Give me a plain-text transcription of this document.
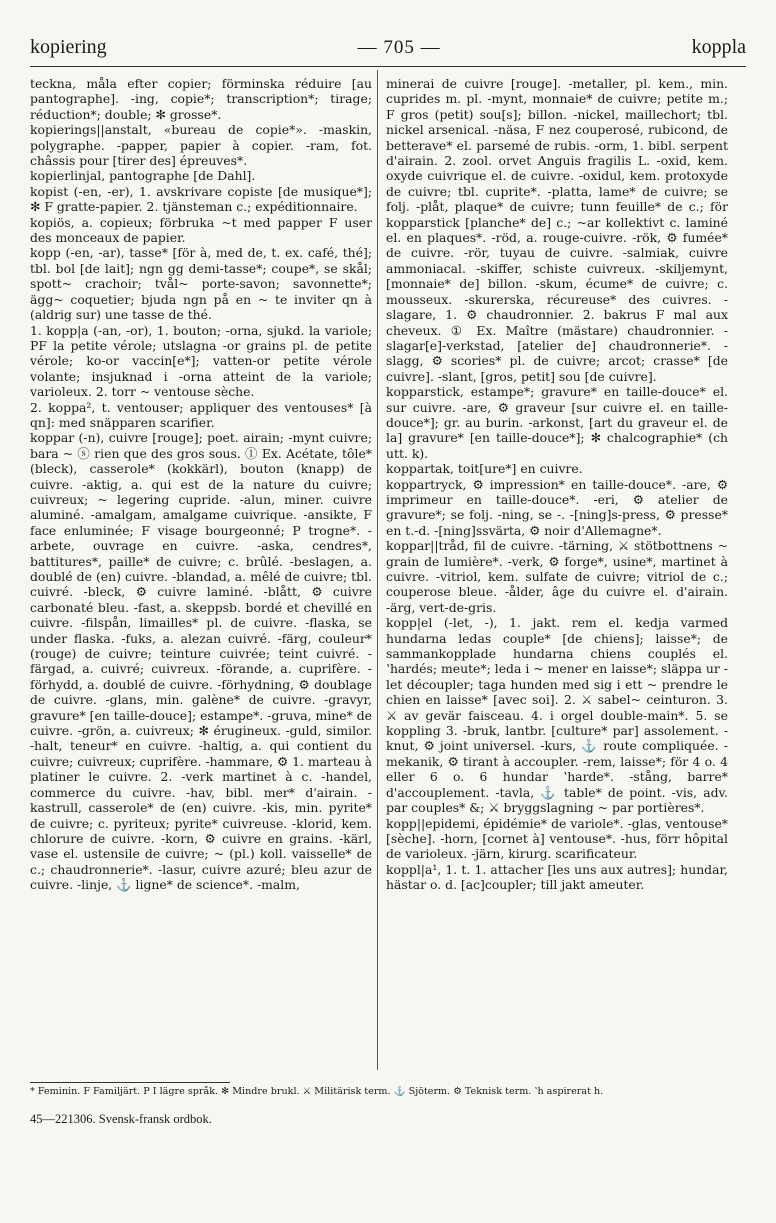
kopiering	— 705 —	koppla

tecknа, måla efter copier; förminska réduire [au pantographe]. -ing, copie*; transcription*; tirage; réduction*; double; ✻ grosse*.

kopierings||anstalt, «bureau de copie*». -maskin, polygraphe. -papper, papier à copier. -ram, fot. châssis pour [tirer des] épreuves*.

kopierlinjal, pantographe [de Dahl].

kopist (-en, -er), 1. avskrivare copiste [de musique*]; ✻ F gratte-papier. 2. tjänsteman c.; expéditionnaire.

kopiös, a. copieux; förbruka ~t med papper F user des monceaux de papier.

kopp (-en, -ar), tasse* [för à, med de, t. ex. café, thé]; tbl. bol [de lait]; ngn gg demi-tasse*; coupe*, se skål; spott~ crachoir; tvål~ porte-savon; savonnette*; ägg~ coquetier; bjuda ngn på en ~ te inviter qn à (aldrig sur) une tasse de thé.

1. kopp|a (-an, -or), 1. bouton; -orna, sjukd. la variole; PF la petite vérole; utslagna -or grains pl. de petite vérole; ko-or vaccin[e*]; vatten-or petite vérole volante; insjuknad i -orna atteint de la variole; varioleux. 2. torr ~ ventouse sèche.

2. koppa², t. ventouser; appliquer des ventouses* [à qn]: med snäpparen scarifier.

koppar (-n), cuivre [rouge]; poet. airain; -mynt cuivre; bara ~ ⓢ rien que des gros sous. ① Ex. Acétate, tôle* (bleck), casserole* (kokkärl), bouton (knapp) de cuivre. -aktig, a. qui est de la nature du cuivre; cuivreux; ~ legering cupride. -alun, miner. cuivre aluminé. -amalgam, amalgame cuivrique. -ansikte, F face enluminée; F visage bourgeonné; P trogne*. -arbete, ouvrage en cuivre. -aska, cendres*, battitures*, paille* de cuivre; c. brûlé. -beslagen, a. doublé de (en) cuivre. -blandad, a. mêlé de cuivre; tbl. cuivré. -bleck, ⚙ cuivre laminé. -blått, ⚙ cuivre carbonaté bleu. -fast, a. skeppsb. bordé et chevillé en cuivre. -filspån, limailles* pl. de cuivre. -flaska, se under flaska. -fuks, a. alezan cuivré. -färg, couleur* (rouge) de cuivre; teinture cuivrée; teint cuivré. -färgad, a. cuivré; cuivreux. -förande, a. cuprifère. -förhydd, a. doublé de cuivre. -förhydning, ⚙ doublage de cuivre. -glans, min. galène* de cuivre. -gravyr, gravure* [en taille-douce]; estampe*. -gruva, mine* de cuivre. -grön, a. cuivreux; ✻ érugineux. -guld, similor. -halt, teneur* en cuivre. -haltig, a. qui contient du cuivre; cuivreux; cuprifère. -hammare, ⚙ 1. marteau à platiner le cuivre. 2. -verk martinet à c. -handel, commerce du cuivre. -hav, bibl. mer* d'airain. -kastrull, casserole* de (en) cuivre. -kis, min. pyrite* de cuivre; c. pyriteux; pyrite* cuivreuse. -klorid, kem. chlorure de cuivre. -korn, ⚙ cuivre en grains. -kärl, vase el. ustensile de cuivre; ~ (pl.) koll. vaisselle* de c.; chaudronnerie*. -lasur, cuivre azuré; bleu azur de cuivre. -linje, ⚓ ligne* de science*. -malm,

minerai de cuivre [rouge]. -metaller, pl. kem., min. cuprides m. pl. -mynt, monnaie* de cuivre; petite m.; F gros (petit) sou[s]; billon. -nickel, maillechort; tbl. nickel arsenical. -näsa, F nez couperosé, rubicond, de betterave* el. parsemé de rubis. -orm, 1. bibl. serpent d'airain. 2. zool. orvet Anguis fragilis L. -oxid, kem. oxyde cuivrique el. de cuivre. -oxidul, kem. protoxyde de cuivre; tbl. cuprite*. -platta, lame* de cuivre; se folj. -plåt, plaque* de cuivre; tunn feuille* de c.; för kopparstick [planche* de] c.; ~ar kollektivt c. laminé el. en plaques*. -röd, a. rouge-cuivre. -rök, ⚙ fumée* de cuivre. -rör, tuyau de cuivre. -salmiak, cuivre ammoniacal. -skiffer, schiste cuivreux. -skiljemynt, [monnaie* de] billon. -skum, écume* de cuivre; c. mousseux. -skurerska, récureuse* des cuivres. -slagare, 1. ⚙ chaudronnier. 2. bakrus F mal aux cheveux. ① Ex. Maître (mästare) chaudronnier. -slagar[e]-verkstad, [atelier de] chaudronnerie*. -slagg, ⚙ scories* pl. de cuivre; arcot; crasse* [de cuivre]. -slant, [gros, petit] sou [de cuivre].

kopparstick, estampe*; gravure* en taille-douce* el. sur cuivre. -are, ⚙ graveur [sur cuivre el. en taille-douce*]; gr. au burin. -arkonst, [art du graveur el. de la] gravure* [en taille-douce*]; ✻ chalcographie* (ch utt. k).

koppartak, toit[ure*] en cuivre.

koppartryck, ⚙ impression* en taille-douce*. -are, ⚙ imprimeur en taille-douce*. -eri, ⚙ atelier de gravure*; se folj. -ning, se -. -[ning]s-press, ⚙ presse* en t.-d. -[ning]ssvärta, ⚙ noir d'Allemagne*.

koppar||tråd, fil de cuivre. -tärning, ⚔ stötbottnens ~ grain de lumière*. -verk, ⚙ forge*, usine*, martinet à cuivre. -vitriol, kem. sulfate de cuivre; vitriol de c.; couperose bleue. -ålder, âge du cuivre el. d'airain. -ärg, vert-de-gris.

kopp|el (-let, -), 1. jakt. rem el. kedja varmed hundarna ledas couple* [de chiens]; laisse*; de sammankopplade hundarna chiens couplés el. ʽhardés; meute*; leda i ~ mener en laisse*; släppa ur -let découpler; taga hunden med sig i ett ~ prendre le chien en laisse* [avec soi]. 2. ⚔ sabel~ ceinturon. 3. ⚔ av gevär faisceau. 4. i orgel double-main*. 5. se koppling 3. -bruk, lantbr. [culture* par] assolement. -knut, ⚙ joint universel. -kurs, ⚓ route compliquée. -mekanik, ⚙ tirant à accoupler. -rem, laisse*; för 4 o. 4 eller 6 o. 6 hundar ʽharde*. -stång, barre* d'accouplement. -tavla, ⚓ table* de point. -vis, adv. par couples* &; ⚔ bryggslagning ~ par portières*.

kopp||epidemi, épidémie* de variole*. -glas, ventouse* [sèche]. -horn, [cornet à] ventouse*. -hus, förr hôpital de varioleux. -järn, kirurg. scarificateur.

koppl|a¹, 1. t. 1. attacher [les uns aux autres]; hundar, hästar o. d. [ac]coupler; till jakt ameuter.

* Feminin. F Familjärt. P I lägre språk. ✻ Mindre brukl. ⚔ Militärisk term. ⚓ Sjöterm. ⚙ Teknisk term. ʽh aspirerat h.
45—221306. Svensk-fransk ordbok.
